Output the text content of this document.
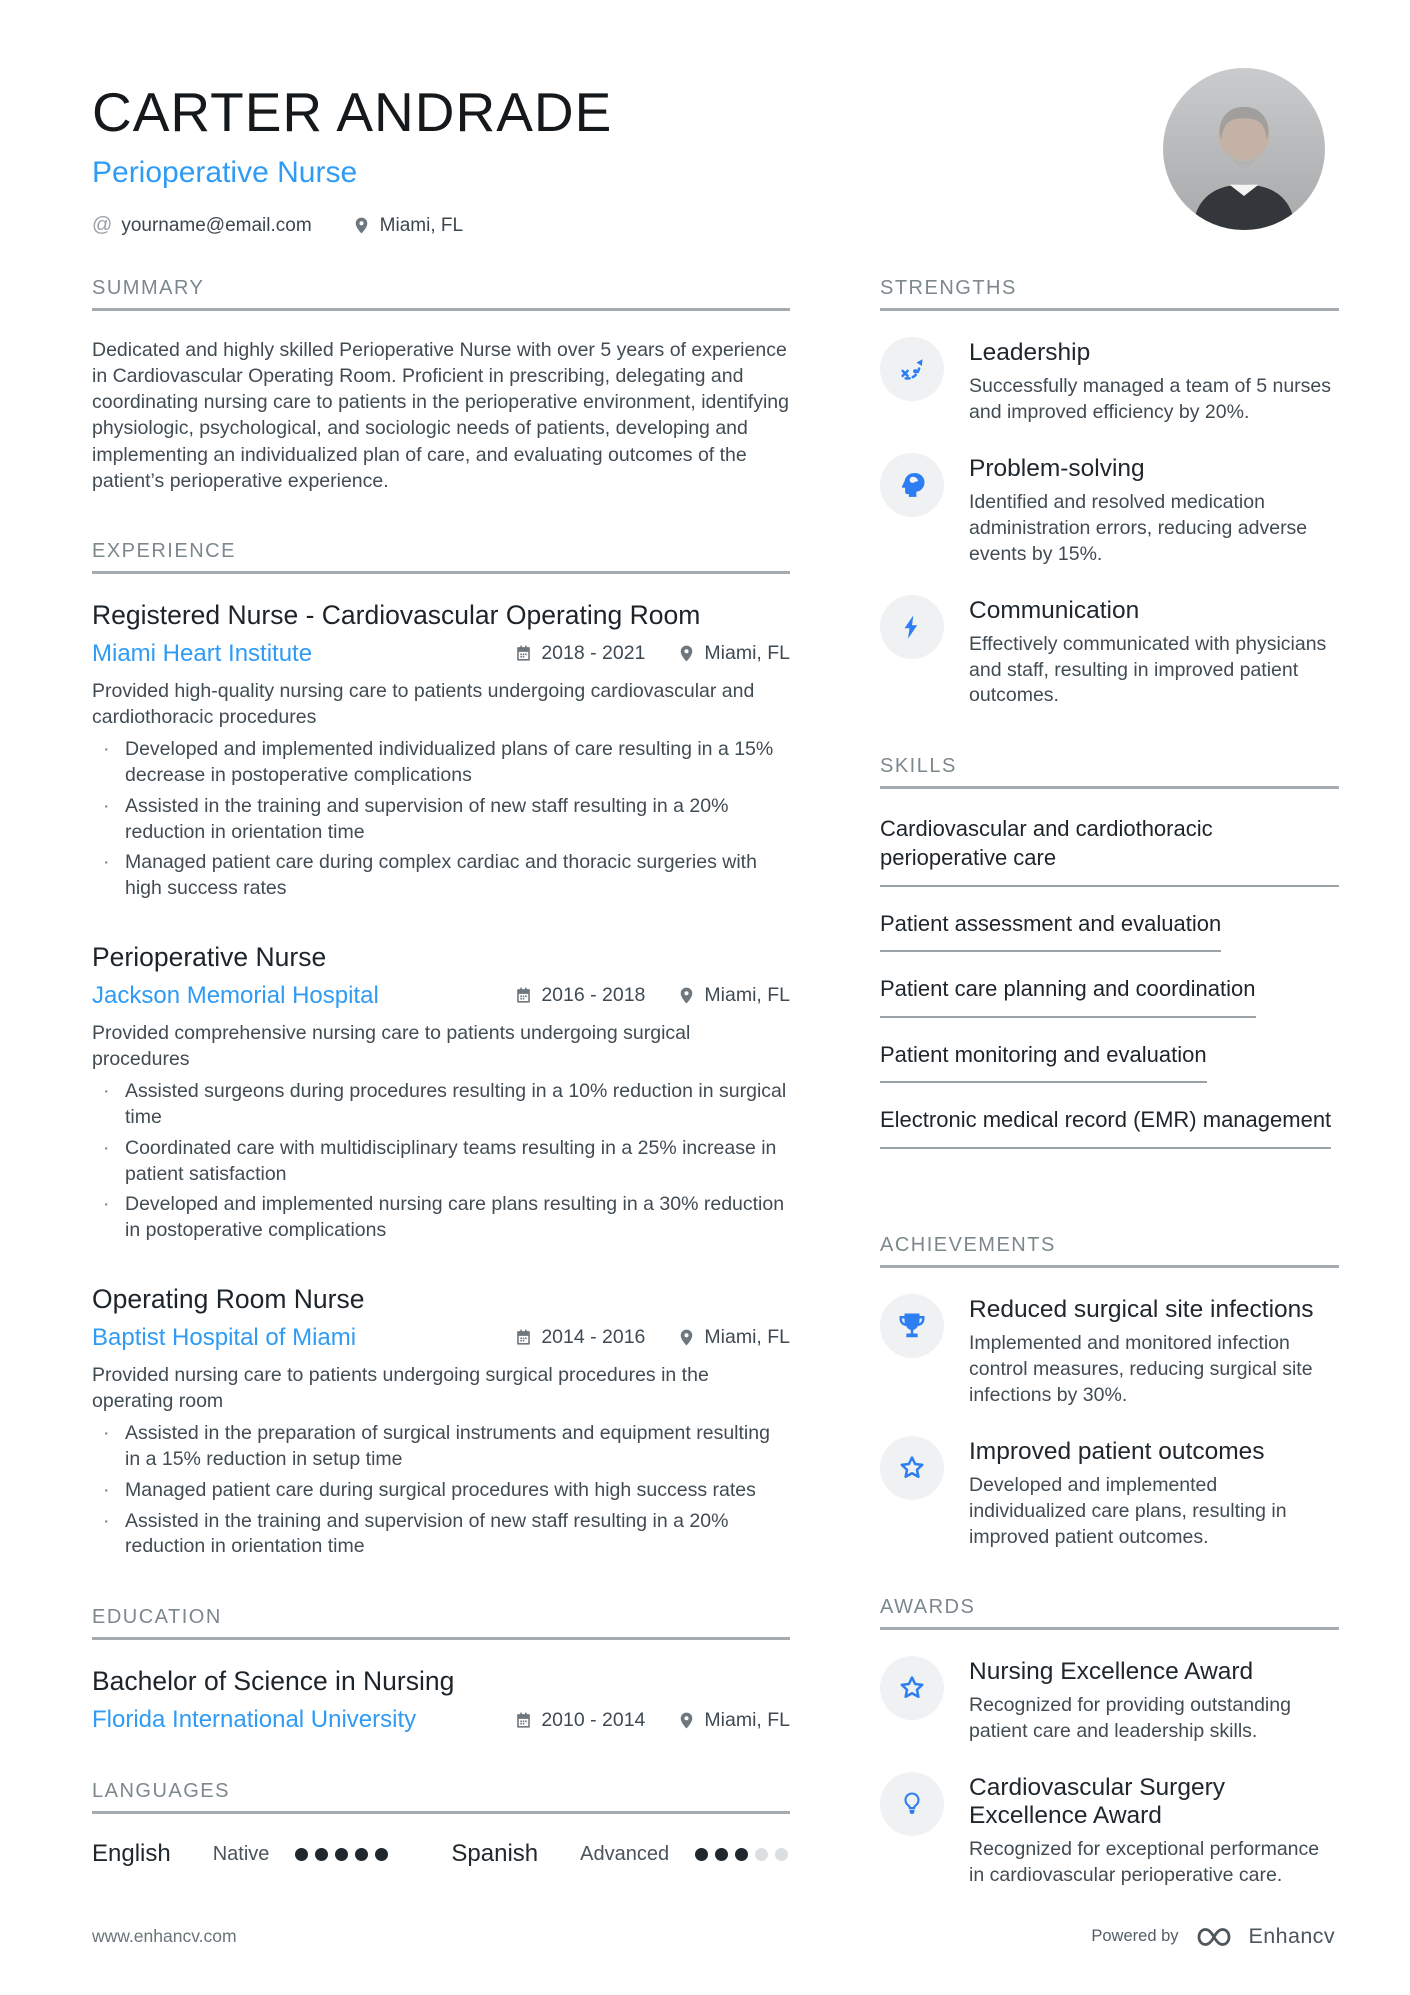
CARTER ANDRADE
Perioperative Nurse
@ yourname@email.com	Miami, FL
SUMMARY

Dedicated and highly skilled Perioperative Nurse with over 5 years of experience in Cardiovascular Operating Room. Proficient in prescribing, delegating and coordinating nursing care to patients in the perioperative environment, identifying physiologic, psychological, and sociologic needs of patients, developing and implementing an individualized plan of care, and evaluating outcomes of the patient’s perioperative experience.

EXPERIENCE
Registered Nurse - Cardiovascular Operating Room
Miami Heart Institute	2018 - 2021	Miami, FL
Provided high-quality nursing care to patients undergoing cardiovascular and cardiothoracic procedures
· Developed and implemented individualized plans of care resulting in a 15% decrease in postoperative complications
· Assisted in the training and supervision of new staff resulting in a 20% reduction in orientation time
· Managed patient care during complex cardiac and thoracic surgeries with high success rates
Perioperative Nurse
Jackson Memorial Hospital	2016 - 2018	Miami, FL
Provided comprehensive nursing care to patients undergoing surgical procedures
· Assisted surgeons during procedures resulting in a 10% reduction in surgical time
· Coordinated care with multidisciplinary teams resulting in a 25% increase in patient satisfaction
· Developed and implemented nursing care plans resulting in a 30% reduction in postoperative complications
Operating Room Nurse
Baptist Hospital of Miami	2014 - 2016	Miami, FL
Provided nursing care to patients undergoing surgical procedures in the operating room
· Assisted in the preparation of surgical instruments and equipment resulting in a 15% reduction in setup time
· Managed patient care during surgical procedures with high success rates
· Assisted in the training and supervision of new staff resulting in a 20% reduction in orientation time
EDUCATION
Bachelor of Science in Nursing
Florida International University	2010 - 2014	Miami, FL
LANGUAGES
English Native	Spanish Advanced
STRENGTHS
Leadership
Successfully managed a team of 5 nurses and improved efficiency by 20%.
Problem-solving
Identified and resolved medication administration errors, reducing adverse events by 15%.
Communication
Effectively communicated with physicians and staff, resulting in improved patient outcomes.
SKILLS
Cardiovascular and cardiothoracic perioperative care
Patient assessment and evaluation
Patient care planning and coordination
Patient monitoring and evaluation
Electronic medical record (EMR) management
ACHIEVEMENTS
Reduced surgical site infections
Implemented and monitored infection control measures, reducing surgical site infections by 30%.
Improved patient outcomes
Developed and implemented individualized care plans, resulting in improved patient outcomes.
AWARDS
Nursing Excellence Award
Recognized for providing outstanding patient care and leadership skills.
Cardiovascular Surgery Excellence Award
Recognized for exceptional performance in cardiovascular perioperative care.
www.enhancv.com	Powered by	Enhancv
